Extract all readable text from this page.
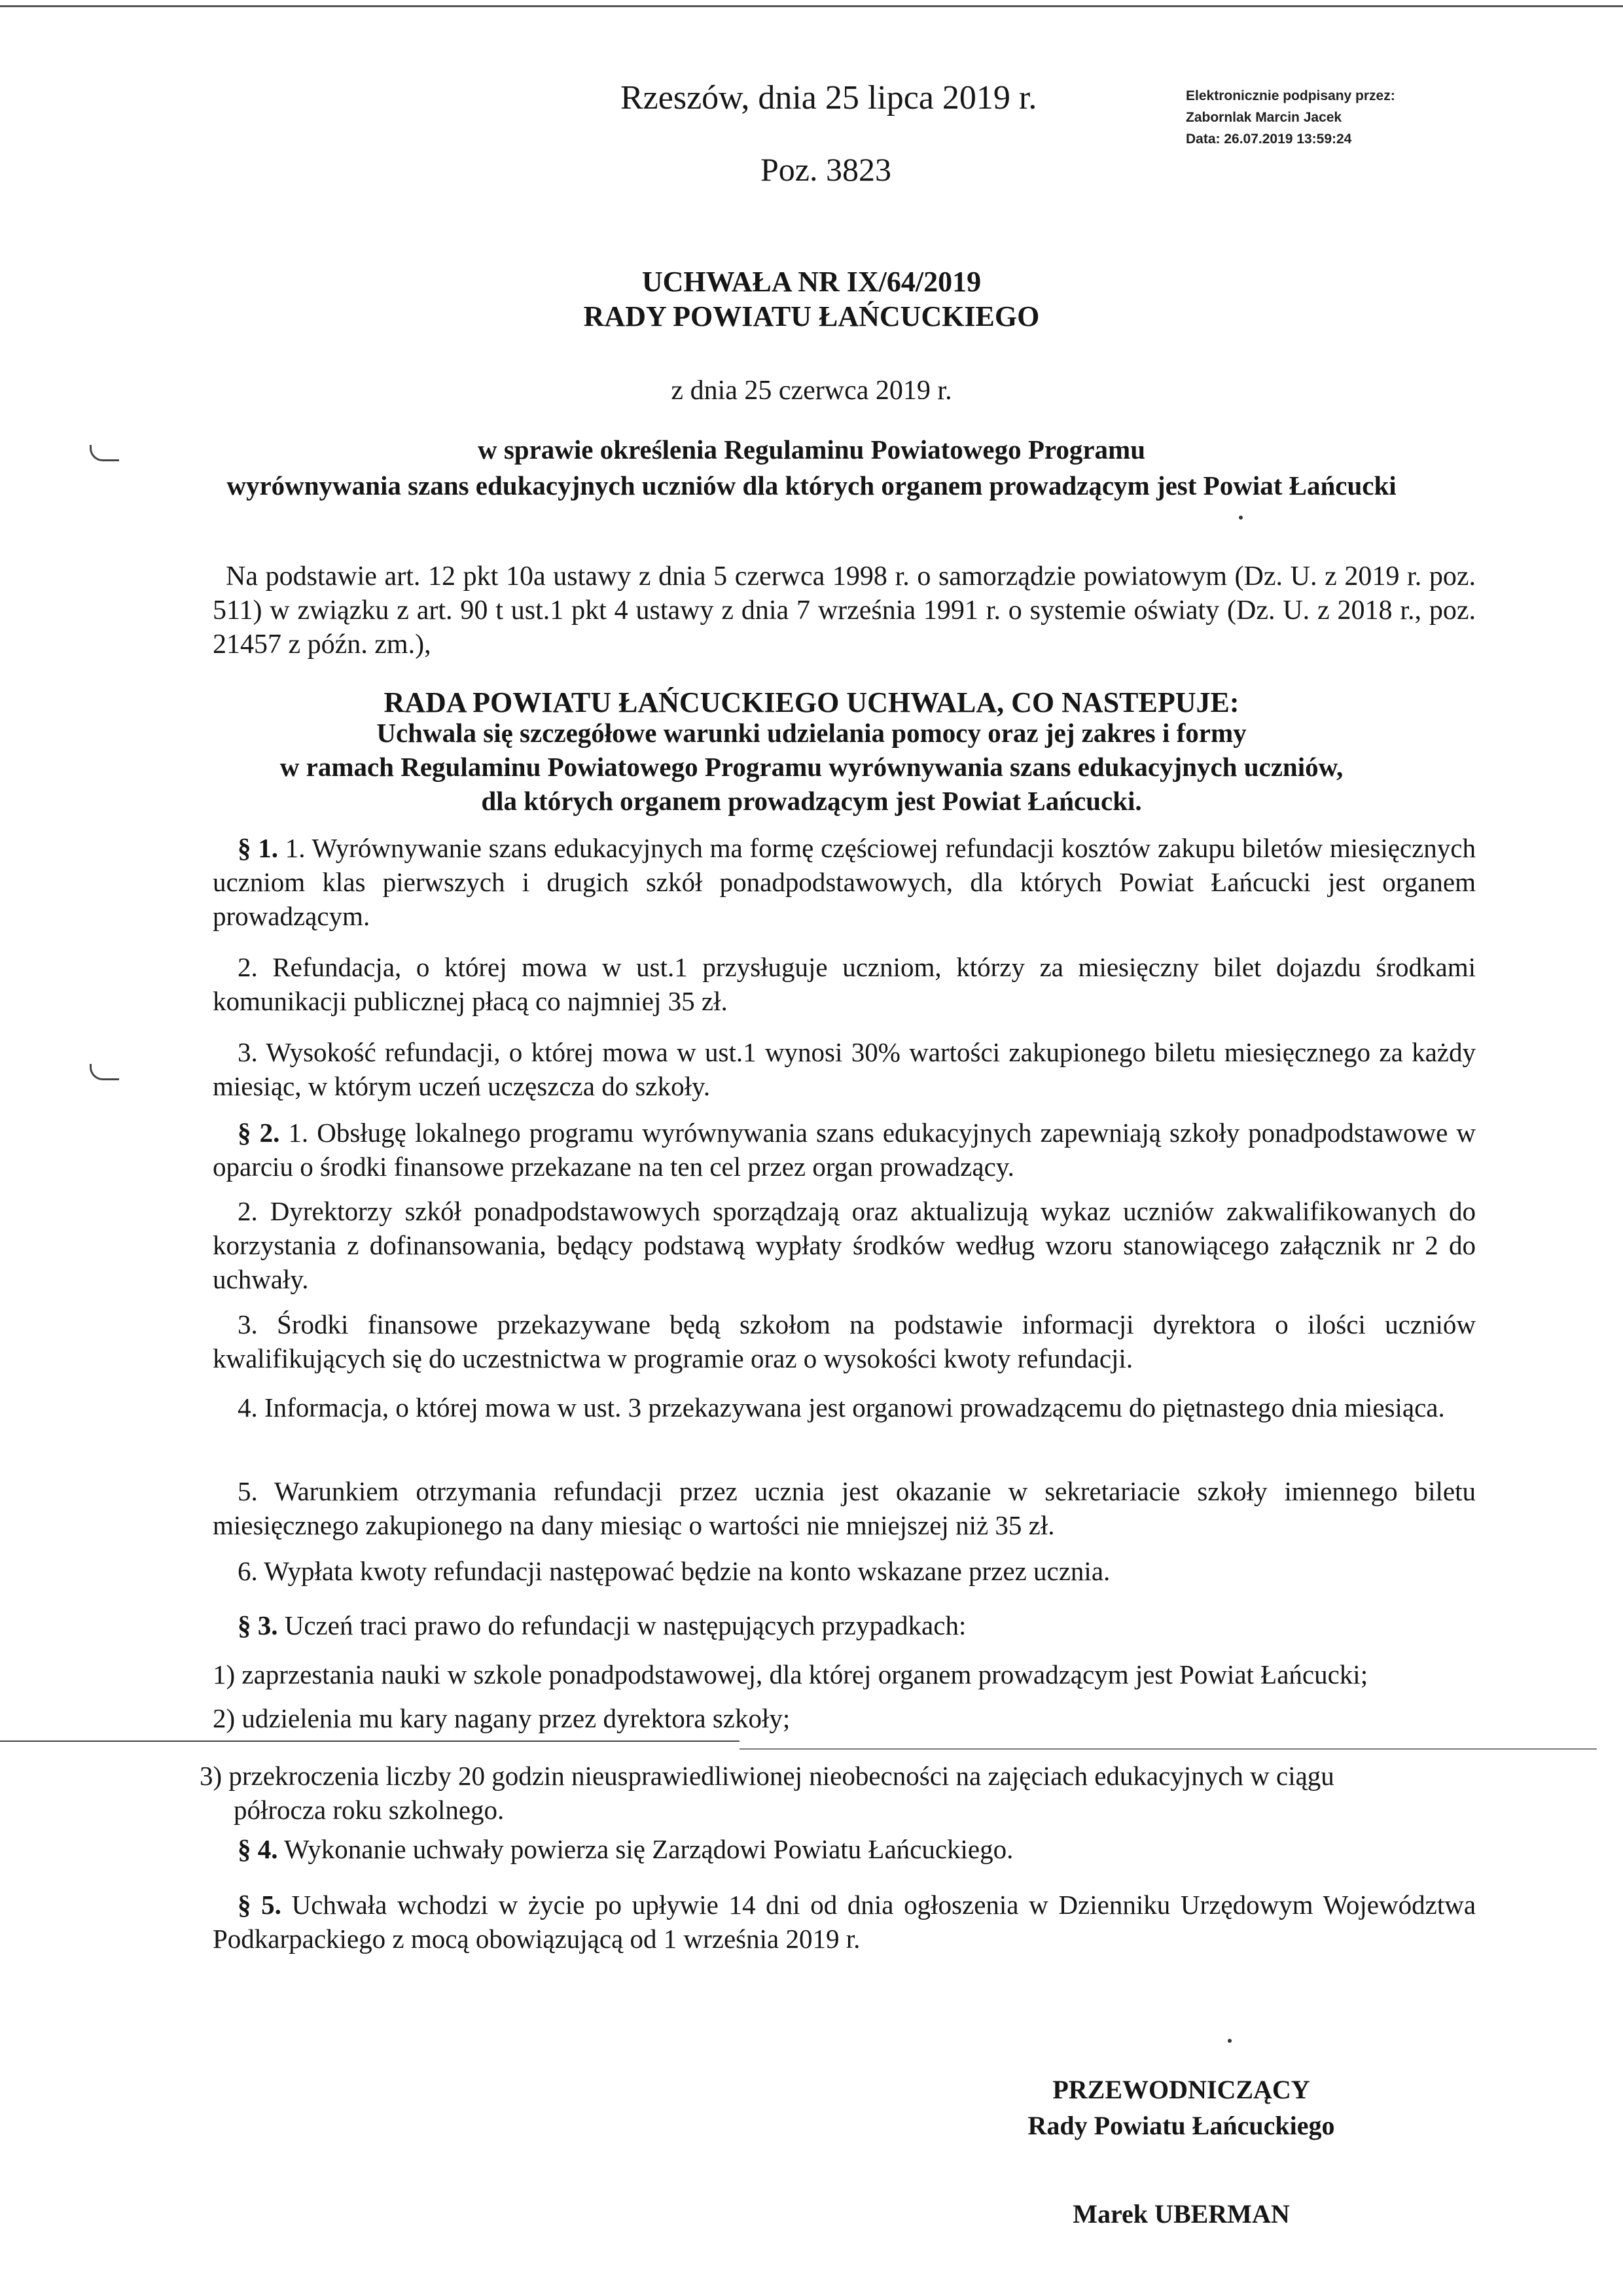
Rzeszów, dnia 25 lipca 2019 r.
Poz. 3823
Elektronicznie podpisany przez:
Zabornlak Marcin Jacek
Data: 26.07.2019 13:59:24
UCHWAŁA NR IX/64/2019
RADY POWIATU ŁAŃCUCKIEGO
z dnia 25 czerwca 2019 r.
w sprawie określenia Regulaminu Powiatowego Programu
wyrównywania szans edukacyjnych uczniów dla których organem prowadzącym jest Powiat Łańcucki
Na podstawie art. 12 pkt 10a ustawy z dnia 5 czerwca 1998 r. o samorządzie powiatowym (Dz. U. z 2019 r. poz. 511) w związku z art. 90 t ust.1 pkt 4 ustawy z dnia 7 września 1991 r. o systemie oświaty (Dz. U. z 2018 r., poz. 21457 z późn. zm.),
RADA POWIATU ŁAŃCUCKIEGO UCHWALA, CO NASTEPUJE:
Uchwala się szczegółowe warunki udzielania pomocy oraz jej zakres i formy
w ramach Regulaminu Powiatowego Programu wyrównywania szans edukacyjnych uczniów,
dla których organem prowadzącym jest Powiat Łańcucki.

§ 1. 1. Wyrównywanie szans edukacyjnych ma formę częściowej refundacji kosztów zakupu biletów miesięcznych uczniom klas pierwszych i drugich szkół ponadpodstawowych, dla których Powiat Łańcucki jest organem prowadzącym.

2. Refundacja, o której mowa w ust.1 przysługuje uczniom, którzy za miesięczny bilet dojazdu środkami komunikacji publicznej płacą co najmniej 35 zł.

3. Wysokość refundacji, o której mowa w ust.1 wynosi 30% wartości zakupionego biletu miesięcznego za każdy miesiąc, w którym uczeń uczęszcza do szkoły.

§ 2. 1. Obsługę lokalnego programu wyrównywania szans edukacyjnych zapewniają szkoły ponadpodstawowe w oparciu o środki finansowe przekazane na ten cel przez organ prowadzący.

2. Dyrektorzy szkół ponadpodstawowych sporządzają oraz aktualizują wykaz uczniów zakwalifikowanych do korzystania z dofinansowania, będący podstawą wypłaty środków według wzoru stanowiącego załącznik nr 2 do uchwały.

3. Środki finansowe przekazywane będą szkołom na podstawie informacji dyrektora o ilości uczniów kwalifikujących się do uczestnictwa w programie oraz o wysokości kwoty refundacji.

4. Informacja, o której mowa w ust. 3 przekazywana jest organowi prowadzącemu do piętnastego dnia miesiąca.

5. Warunkiem otrzymania refundacji przez ucznia jest okazanie w sekretariacie szkoły imiennego biletu miesięcznego zakupionego na dany miesiąc o wartości nie mniejszej niż 35 zł.

6. Wypłata kwoty refundacji następować będzie na konto wskazane przez ucznia.

§ 3. Uczeń traci prawo do refundacji w następujących przypadkach:

1) zaprzestania nauki w szkole ponadpodstawowej, dla której organem prowadzącym jest Powiat Łańcucki;
2) udzielenia mu kary nagany przez dyrektora szkoły;
3) przekroczenia liczby 20 godzin nieusprawiedliwionej nieobecności na zajęciach edukacyjnych w ciągu
półrocza roku szkolnego.

§ 4. Wykonanie uchwały powierza się Zarządowi Powiatu Łańcuckiego.

§ 5. Uchwała wchodzi w życie po upływie 14 dni od dnia ogłoszenia w Dzienniku Urzędowym Województwa Podkarpackiego z mocą obowiązującą od 1 września 2019 r.

PRZEWODNICZĄCY
Rady Powiatu Łańcuckiego
Marek UBERMAN
